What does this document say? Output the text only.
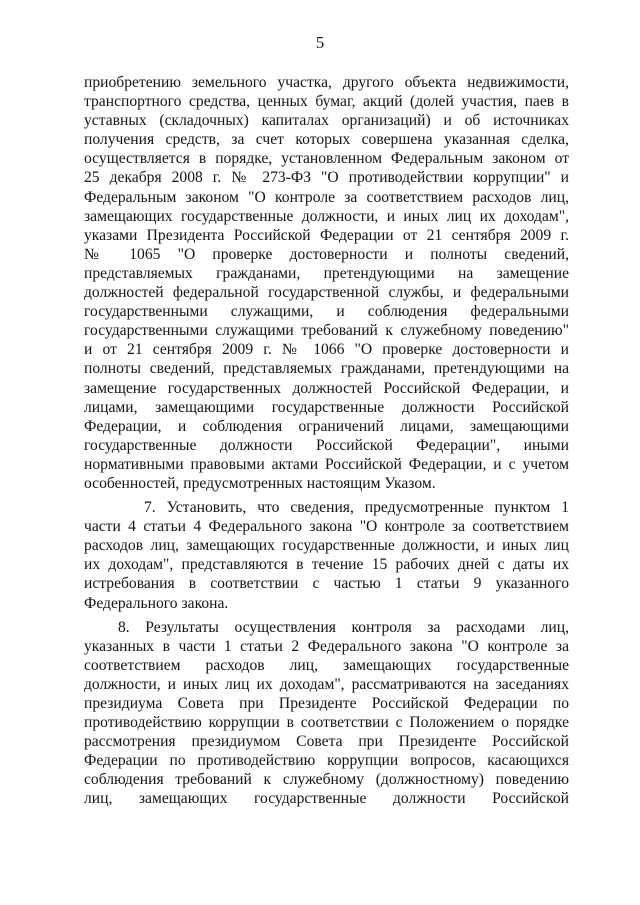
5
приобретению земельного участка, другого объекта недвижимости,
транспортного средства, ценных бумаг, акций (долей участия, паев в
уставных (складочных) капиталах организаций) и об источниках
получения средств, за счет которых совершена указанная сделка,
осуществляется в порядке, установленном Федеральным законом от
25 декабря 2008 г. № 273-ФЗ "О противодействии коррупции" и
Федеральным законом "О контроле за соответствием расходов лиц,
замещающих государственные должности, и иных лиц их доходам",
указами Президента Российской Федерации от 21 сентября 2009 г.
№ 1065 "О проверке достоверности и полноты сведений,
представляемых гражданами, претендующими на замещение
должностей федеральной государственной службы, и федеральными
государственными служащими, и соблюдения федеральными
государственными служащими требований к служебному поведению"
и от 21 сентября 2009 г. № 1066 "О проверке достоверности и
полноты сведений, представляемых гражданами, претендующими на
замещение государственных должностей Российской Федерации, и
лицами, замещающими государственные должности Российской
Федерации, и соблюдения ограничений лицами, замещающими
государственные должности Российской Федерации", иными
нормативными правовыми актами Российской Федерации, и с учетом
особенностей, предусмотренных настоящим Указом.
7. Установить, что сведения, предусмотренные пунктом 1
части 4 статьи 4 Федерального закона "О контроле за соответствием
расходов лиц, замещающих государственные должности, и иных лиц
их доходам", представляются в течение 15 рабочих дней с даты их
истребования в соответствии с частью 1 статьи 9 указанного
Федерального закона.
8. Результаты осуществления контроля за расходами лиц,
указанных в части 1 статьи 2 Федерального закона "О контроле за
соответствием расходов лиц, замещающих государственные
должности, и иных лиц их доходам", рассматриваются на заседаниях
президиума Совета при Президенте Российской Федерации по
противодействию коррупции в соответствии с Положением о порядке
рассмотрения президиумом Совета при Президенте Российской
Федерации по противодействию коррупции вопросов, касающихся
соблюдения требований к служебному (должностному) поведению
лиц, замещающих государственные должности Российской
